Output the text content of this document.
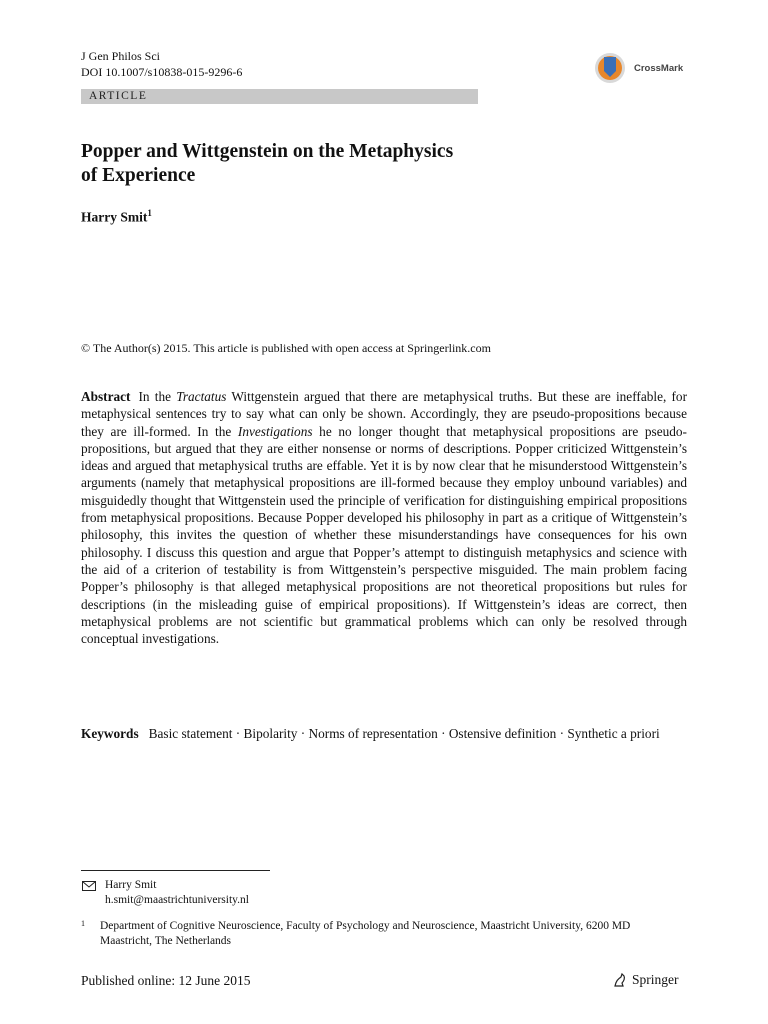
J Gen Philos Sci
DOI 10.1007/s10838-015-9296-6	CrossMark
ARTICLE
Popper and Wittgenstein on the Metaphysics
of Experience
Harry Smit$^1$
© The Author(s) 2015. This article is published with open access at Springerlink.com

Abstract In the Tractatus Wittgenstein argued that there are metaphysical truths. But these are ineffable, for metaphysical sentences try to say what can only be shown. Accordingly, they are pseudo-propositions because they are ill-formed. In the Investigations he no longer thought that metaphysical propositions are pseudo-propositions, but argued that they are either nonsense or norms of descriptions. Popper criticized Wittgenstein’s ideas and argued that metaphysical truths are effable. Yet it is by now clear that he misunderstood Wittgenstein’s arguments (namely that metaphysical propositions are ill-formed because they employ unbound variables) and misguidedly thought that Wittgenstein used the principle of verification for distinguishing empirical propositions from metaphysical propositions. Because Popper developed his philosophy in part as a critique of Wittgenstein’s philosophy, this invites the question of whether these misunderstandings have consequences for his own philosophy. I discuss this question and argue that Popper’s attempt to distinguish metaphysics and science with the aid of a criterion of testability is from Wittgenstein’s perspective misguided. The main problem facing Popper’s philosophy is that alleged metaphysical propositions are not theoretical propositions but rules for descriptions (in the misleading guise of empirical propositions). If Wittgenstein’s ideas are correct, then metaphysical problems are not scientific but grammatical problems which can only be resolved through conceptual investigations.

Keywords Basic statement · Bipolarity · Norms of representation · Ostensive definition · Synthetic a priori

Harry Smit
h.smit@maastrichtuniversity.nl
1 Department of Cognitive Neuroscience, Faculty of Psychology and Neuroscience, Maastricht University, 6200 MD Maastricht, The Netherlands
Published online: 12 June 2015	Springer
